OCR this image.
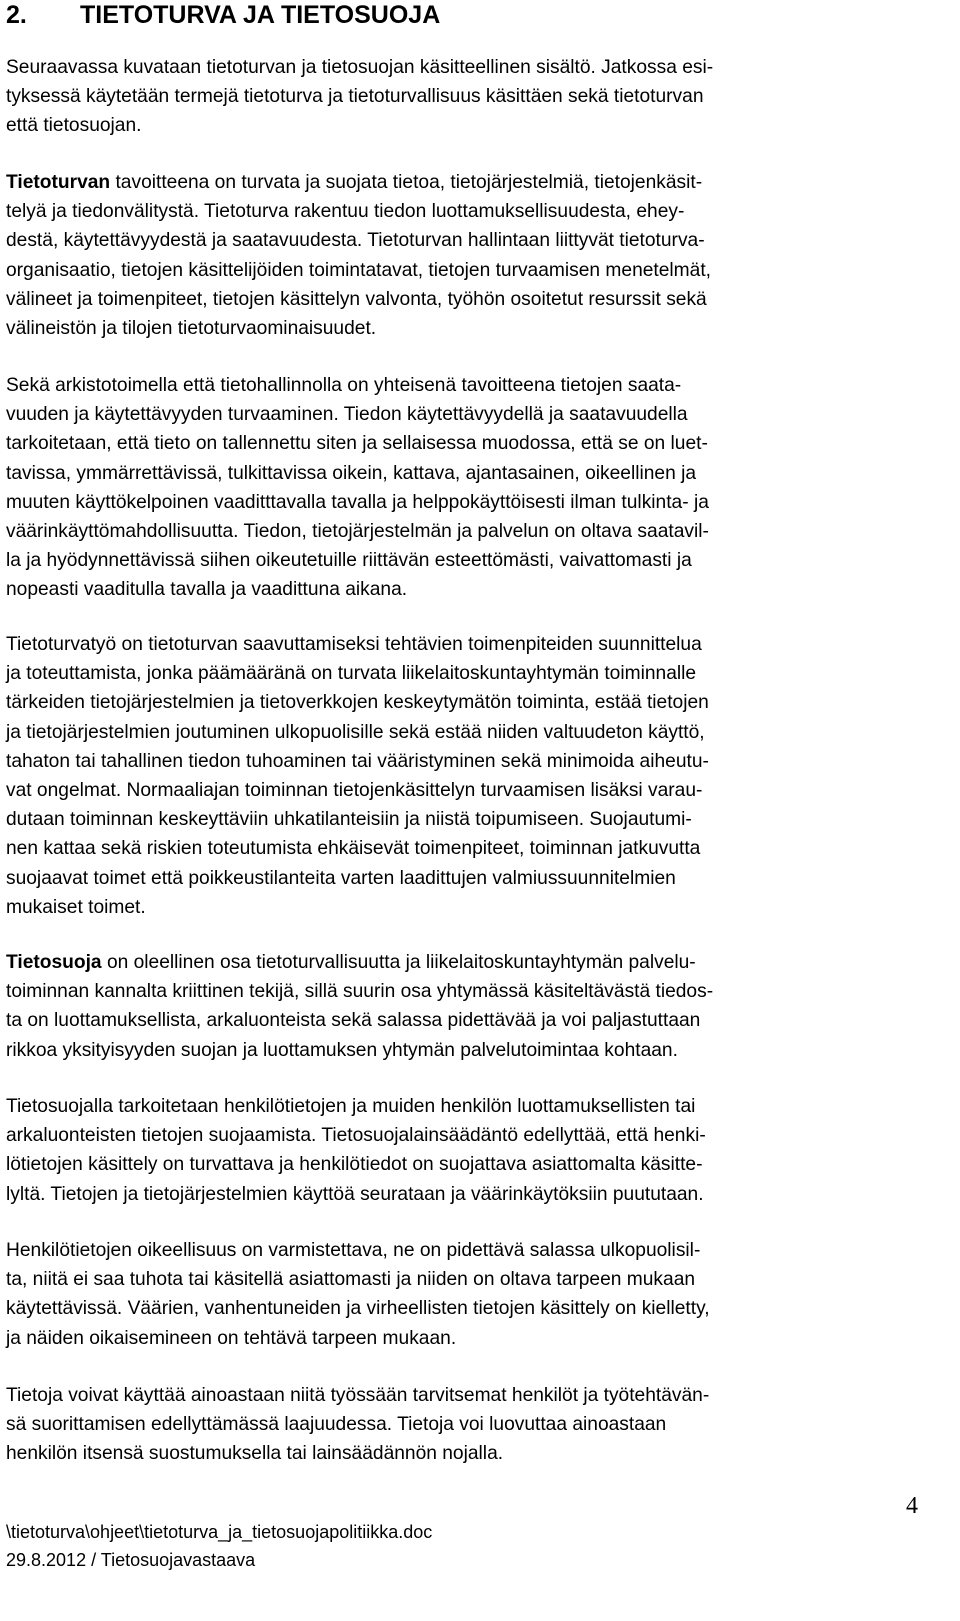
2. TIETOTURVA JA TIETOSUOJA
Seuraavassa kuvataan tietoturvan ja tietosuojan käsitteellinen sisältö. Jatkossa esi-
tyksessä käytetään termejä tietoturva ja tietoturvallisuus käsittäen sekä tietoturvan
että tietosuojan.
Tietoturvan tavoitteena on turvata ja suojata tietoa, tietojärjestelmiä, tietojenkäsit-
telyä ja tiedonvälitystä. Tietoturva rakentuu tiedon luottamuksellisuudesta, ehey-
destä, käytettävyydestä ja saatavuudesta. Tietoturvan hallintaan liittyvät tietoturva-
organisaatio, tietojen käsittelijöiden toimintatavat, tietojen turvaamisen menetelmät,
välineet ja toimenpiteet, tietojen käsittelyn valvonta, työhön osoitetut resurssit sekä
välineistön ja tilojen tietoturvaominaisuudet.
Sekä arkistotoimella että tietohallinnolla on yhteisenä tavoitteena tietojen saata-
vuuden ja käytettävyyden turvaaminen. Tiedon käytettävyydellä ja saatavuudella
tarkoitetaan, että tieto on tallennettu siten ja sellaisessa muodossa, että se on luet-
tavissa, ymmärrettävissä, tulkittavissa oikein, kattava, ajantasainen, oikeellinen ja
muuten käyttökelpoinen vaaditttavalla tavalla ja helppokäyttöisesti ilman tulkinta- ja
väärinkäyttömahdollisuutta. Tiedon, tietojärjestelmän ja palvelun on oltava saatavil-
la ja hyödynnettävissä siihen oikeutetuille riittävän esteettömästi, vaivattomasti ja
nopeasti vaaditulla tavalla ja vaadittuna aikana.
Tietoturvatyö on tietoturvan saavuttamiseksi tehtävien toimenpiteiden suunnittelua
ja toteuttamista, jonka päämääränä on turvata liikelaitoskuntayhtymän toiminnalle
tärkeiden tietojärjestelmien ja tietoverkkojen keskeytymätön toiminta, estää tietojen
ja tietojärjestelmien joutuminen ulkopuolisille sekä estää niiden valtuudeton käyttö,
tahaton tai tahallinen tiedon tuhoaminen tai vääristyminen sekä minimoida aiheutu-
vat ongelmat. Normaaliajan toiminnan tietojenkäsittelyn turvaamisen lisäksi varau-
dutaan toiminnan keskeyttäviin uhkatilanteisiin ja niistä toipumiseen. Suojautumi-
nen kattaa sekä riskien toteutumista ehkäisevät toimenpiteet, toiminnan jatkuvutta
suojaavat toimet että poikkeustilanteita varten laadittujen valmiussuunnitelmien
mukaiset toimet.
Tietosuoja on oleellinen osa tietoturvallisuutta ja liikelaitoskuntayhtymän palvelu-
toiminnan kannalta kriittinen tekijä, sillä suurin osa yhtymässä käsiteltävästä tiedos-
ta on luottamuksellista, arkaluonteista sekä salassa pidettävää ja voi paljastuttaan
rikkoa yksityisyyden suojan ja luottamuksen yhtymän palvelutoimintaa kohtaan.
Tietosuojalla tarkoitetaan henkilötietojen ja muiden henkilön luottamuksellisten tai
arkaluonteisten tietojen suojaamista. Tietosuojalainsäädäntö edellyttää, että henki-
lötietojen käsittely on turvattava ja henkilötiedot on suojattava asiattomalta käsitte-
lyltä. Tietojen ja tietojärjestelmien käyttöä seurataan ja väärinkäytöksiin puututaan.
Henkilötietojen oikeellisuus on varmistettava, ne on pidettävä salassa ulkopuolisil-
ta, niitä ei saa tuhota tai käsitellä asiattomasti ja niiden on oltava tarpeen mukaan
käytettävissä. Väärien, vanhentuneiden ja virheellisten tietojen käsittely on kielletty,
ja näiden oikaisemineen on tehtävä tarpeen mukaan.
Tietoja voivat käyttää ainoastaan niitä työssään tarvitsemat henkilöt ja työtehtävän-
sä suorittamisen edellyttämässä laajuudessa. Tietoja voi luovuttaa ainoastaan
henkilön itsensä suostumuksella tai lainsäädännön nojalla.
4
\tietoturva\ohjeet\tietoturva_ja_tietosuojapolitiikka.doc
29.8.2012 / Tietosuojavastaava
